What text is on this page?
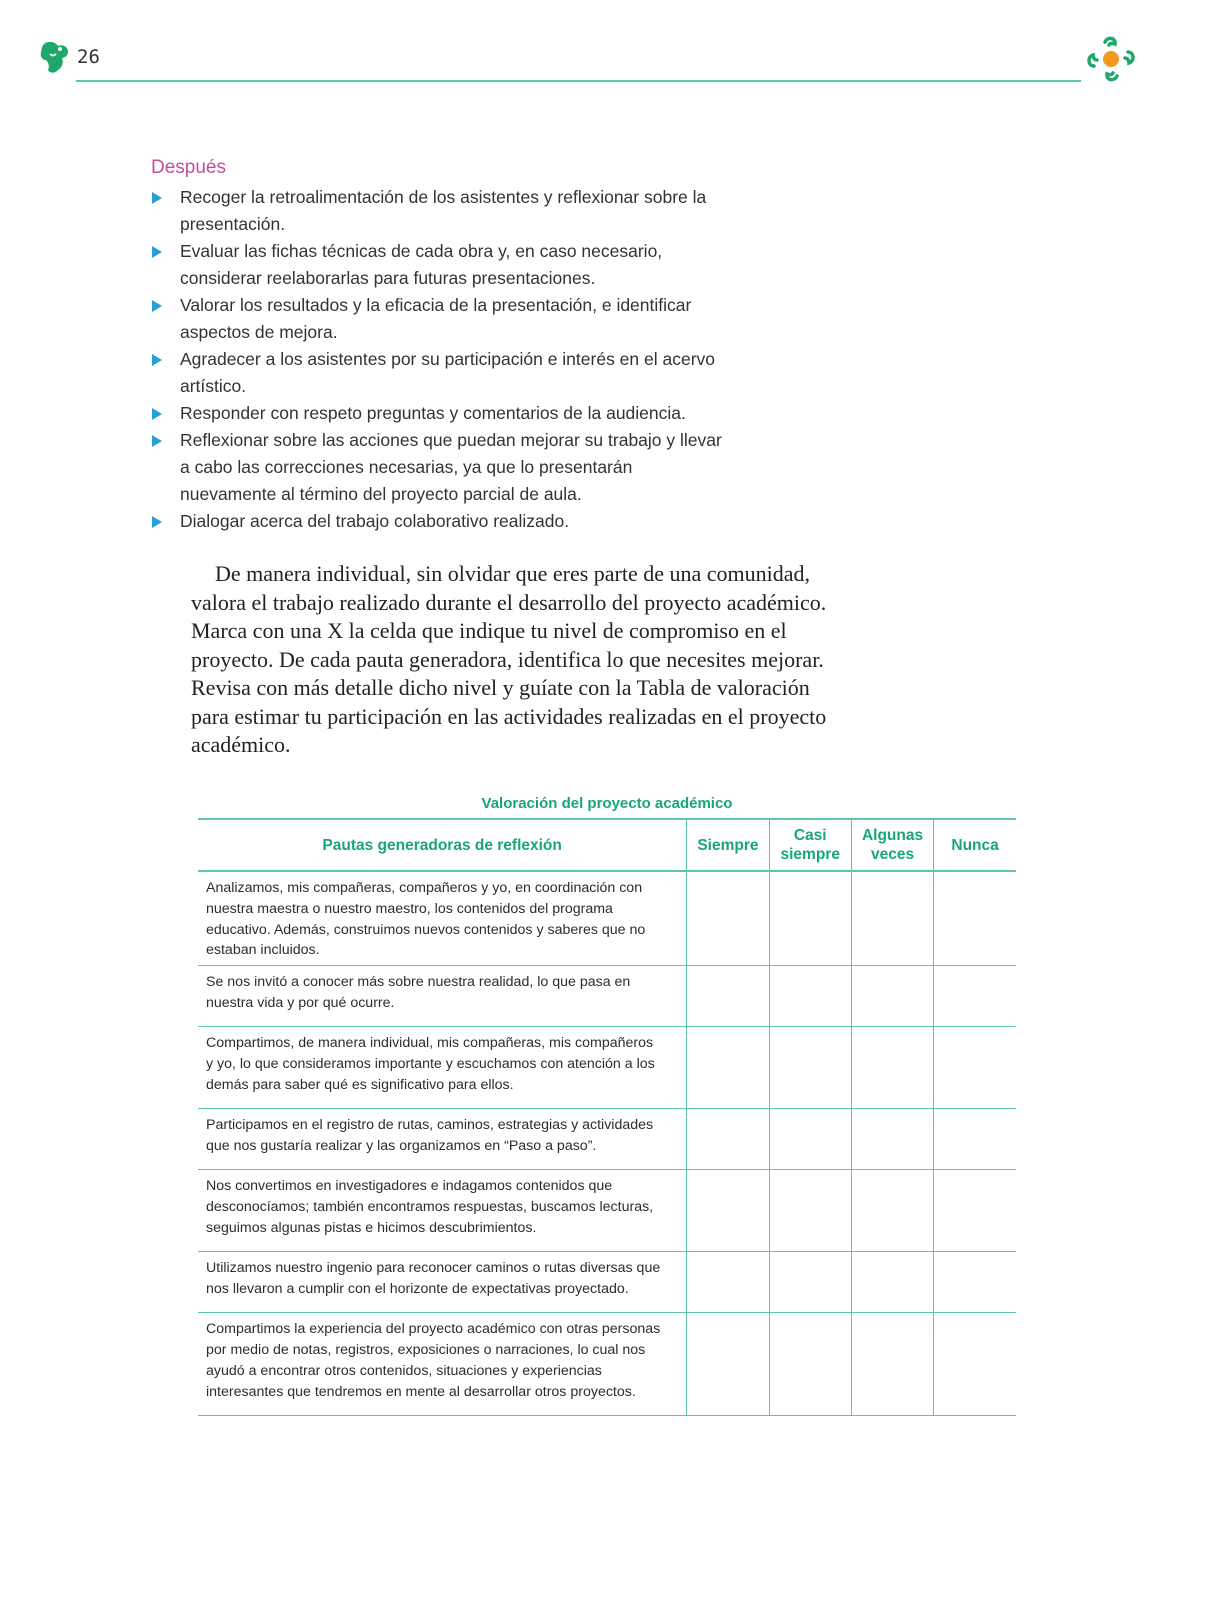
26
Después
Recoger la retroalimentación de los asistentes y reflexionar sobre la presentación.
Evaluar las fichas técnicas de cada obra y, en caso necesario, considerar reelaborarlas para futuras presentaciones.
Valorar los resultados y la eficacia de la presentación, e identificar aspectos de mejora.
Agradecer a los asistentes por su participación e interés en el acervo artístico.
Responder con respeto preguntas y comentarios de la audiencia.
Reflexionar sobre las acciones que puedan mejorar su trabajo y llevar a cabo las correcciones necesarias, ya que lo presentarán nuevamente al término del proyecto parcial de aula.
Dialogar acerca del trabajo colaborativo realizado.

De manera individual, sin olvidar que eres parte de una comunidad, valora el trabajo realizado durante el desarrollo del proyecto académico. Marca con una X la celda que indique tu nivel de compromiso en el proyecto. De cada pauta generadora, identifica lo que necesites mejorar. Revisa con más detalle dicho nivel y guíate con la Tabla de valoración para estimar tu participación en las actividades realizadas en el proyecto académico.

Valoración del proyecto académico
Pautas generadoras de reflexión	Siempre	Casi siempre	Algunas veces	Nunca
Analizamos, mis compañeras, compañeros y yo, en coordinación con nuestra maestra o nuestro maestro, los contenidos del programa educativo. Además, construimos nuevos contenidos y saberes que no estaban incluidos.				
Se nos invitó a conocer más sobre nuestra realidad, lo que pasa en nuestra vida y por qué ocurre.				
Compartimos, de manera individual, mis compañeras, mis compañeros y yo, lo que consideramos importante y escuchamos con atención a los demás para saber qué es significativo para ellos.				
Participamos en el registro de rutas, caminos, estrategias y actividades que nos gustaría realizar y las organizamos en “Paso a paso”.				
Nos convertimos en investigadores e indagamos contenidos que desconocíamos; también encontramos respuestas, buscamos lecturas, seguimos algunas pistas e hicimos descubrimientos.				
Utilizamos nuestro ingenio para reconocer caminos o rutas diversas que nos llevaron a cumplir con el horizonte de expectativas proyectado.				
Compartimos la experiencia del proyecto académico con otras personas por medio de notas, registros, exposiciones o narraciones, lo cual nos ayudó a encontrar otros contenidos, situaciones y experiencias interesantes que tendremos en mente al desarrollar otros proyectos.				
